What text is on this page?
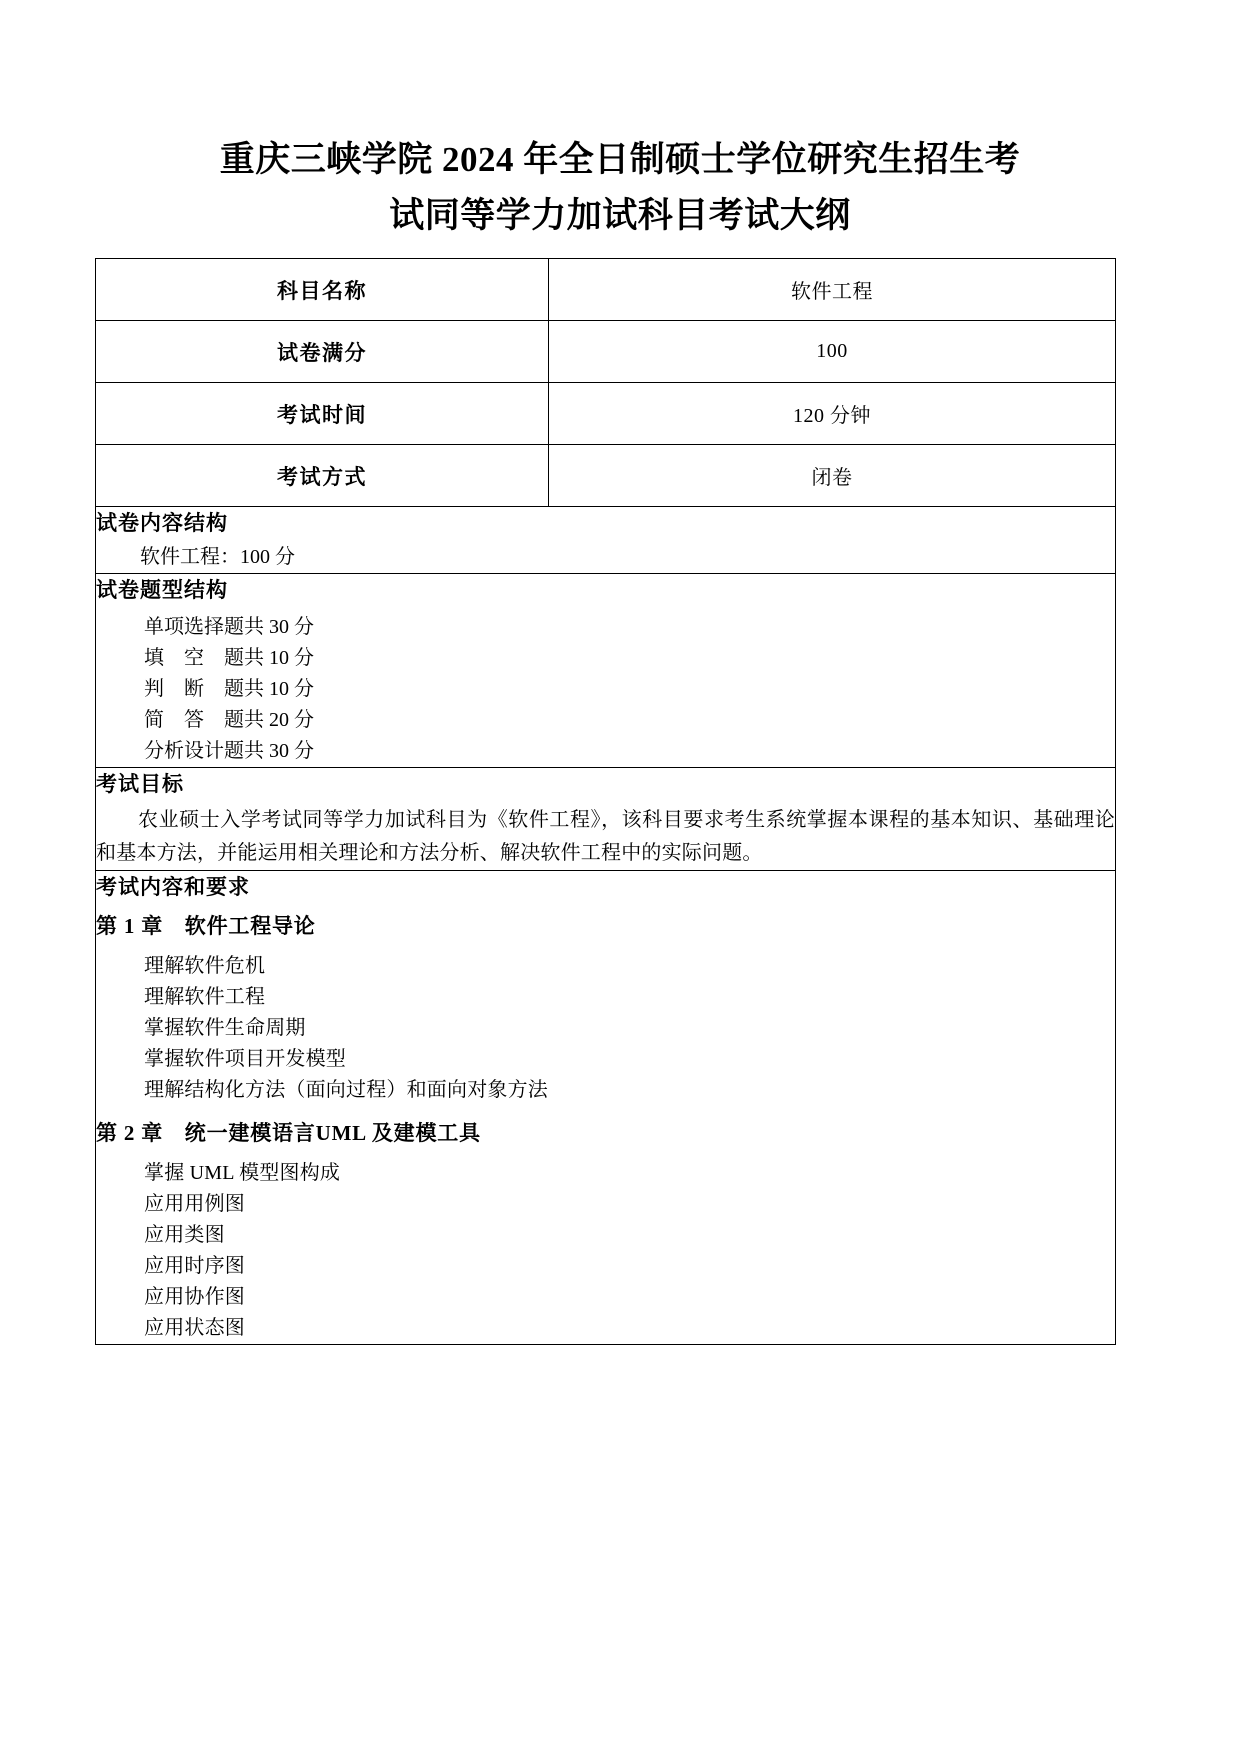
重庆三峡学院 2024 年全日制硕士学位研究生招生考
试同等学力加试科目考试大纲
科目名称	软件工程
试卷满分	100
考试时间	120 分钟
考试方式	闭卷

试卷内容结构

软件工程：100 分	

试卷题型结构

单项选择题共 30 分
填　空　题共 10 分
判　断　题共 10 分
简　答　题共 20 分
分析设计题共 30 分

考试目标

农业硕士入学考试同等学力加试科目为《软件工程》，该科目要求考生系统掌握本课程的基本知识、基础理论和基本方法，并能运用相关理论和方法分析、解决软件工程中的实际问题。	

考试内容和要求

第 1 章　软件工程导论

理解软件危机
理解软件工程
掌握软件生命周期
掌握软件项目开发模型
理解结构化方法（面向过程）和面向对象方法

第 2 章　统一建模语言UML 及建模工具

掌握 UML 模型图构成
应用用例图
应用类图
应用时序图
应用协作图
应用状态图
